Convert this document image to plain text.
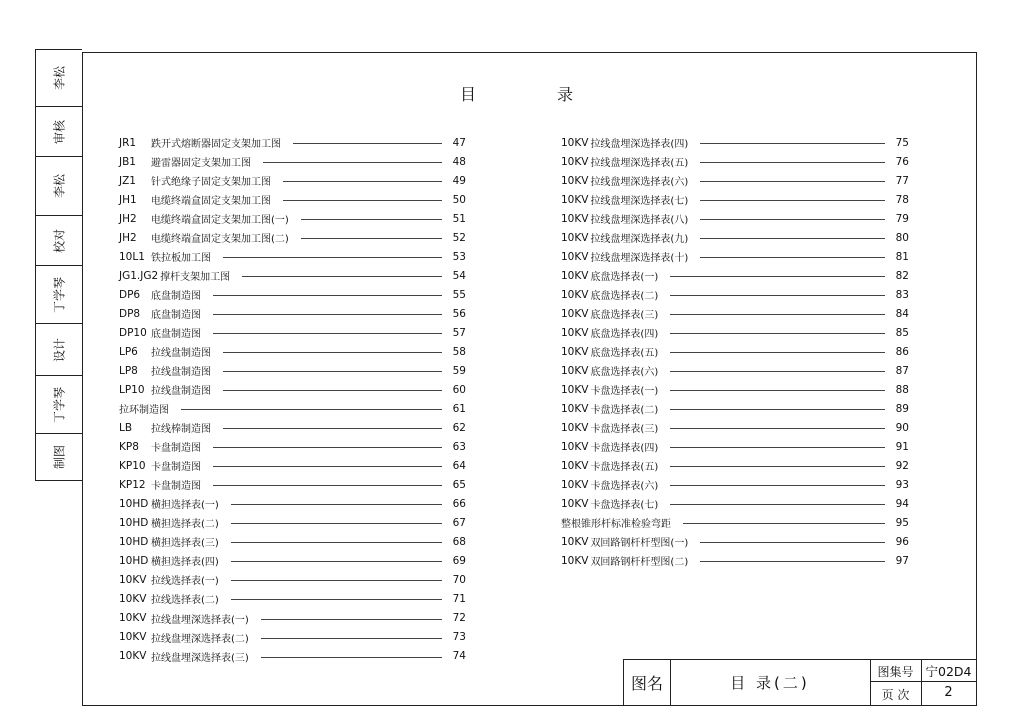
李松
审核
李松
校对
丁学琴
设计
丁学琴
制图
目	录
JR1	跌开式熔断器固定支架加工图	47
JB1	避雷器固定支架加工图	48
JZ1	针式绝缘子固定支架加工图	49
JH1	电缆终端盒固定支架加工图	50
JH2	电缆终端盒固定支架加工图(一)	51
JH2	电缆终端盒固定支架加工图(二)	52
10L1 铁拉板加工图	53
JG1.JG2 撑杆支架加工图	54
DP6	底盘制造图	55
DP8	底盘制造图	56
DP10 底盘制造图	57
LP6	拉线盘制造图	58
LP8	拉线盘制造图	59
LP10 拉线盘制造图	60
拉环制造图	61
LB	拉线棒制造图	62
KP8	卡盘制造图	63
KP10 卡盘制造图	64
KP12 卡盘制造图	65
10HD 横担选择表(一)	66
10HD 横担选择表(二)	67
10HD 横担选择表(三)	68
10HD 横担选择表(四)	69
10KV 拉线选择表(一)	70
10KV 拉线选择表(二)	71
10KV 拉线盘埋深选择表(一)	72
10KV 拉线盘埋深选择表(二)	73
10KV 拉线盘埋深选择表(三)	74
10KV 拉线盘埋深选择表(四)	75
10KV 拉线盘埋深选择表(五)	76
10KV 拉线盘埋深选择表(六)	77
10KV 拉线盘埋深选择表(七)	78
10KV 拉线盘埋深选择表(八)	79
10KV 拉线盘埋深选择表(九)	80
10KV 拉线盘埋深选择表(十)	81
10KV 底盘选择表(一)	82
10KV 底盘选择表(二)	83
10KV 底盘选择表(三)	84
10KV 底盘选择表(四)	85
10KV 底盘选择表(五)	86
10KV 底盘选择表(六)	87
10KV 卡盘选择表(一)	88
10KV 卡盘选择表(二)	89
10KV 卡盘选择表(三)	90
10KV 卡盘选择表(四)	91
10KV 卡盘选择表(五)	92
10KV 卡盘选择表(六)	93
10KV 卡盘选择表(七)	94
整根锥形杆标准检验弯距	95
10KV 双回路钢杆杆型图(一)	96
10KV 双回路钢杆杆型图(二)	97
图名	目 录(二)
图集号 宁02D4
页 次	2
